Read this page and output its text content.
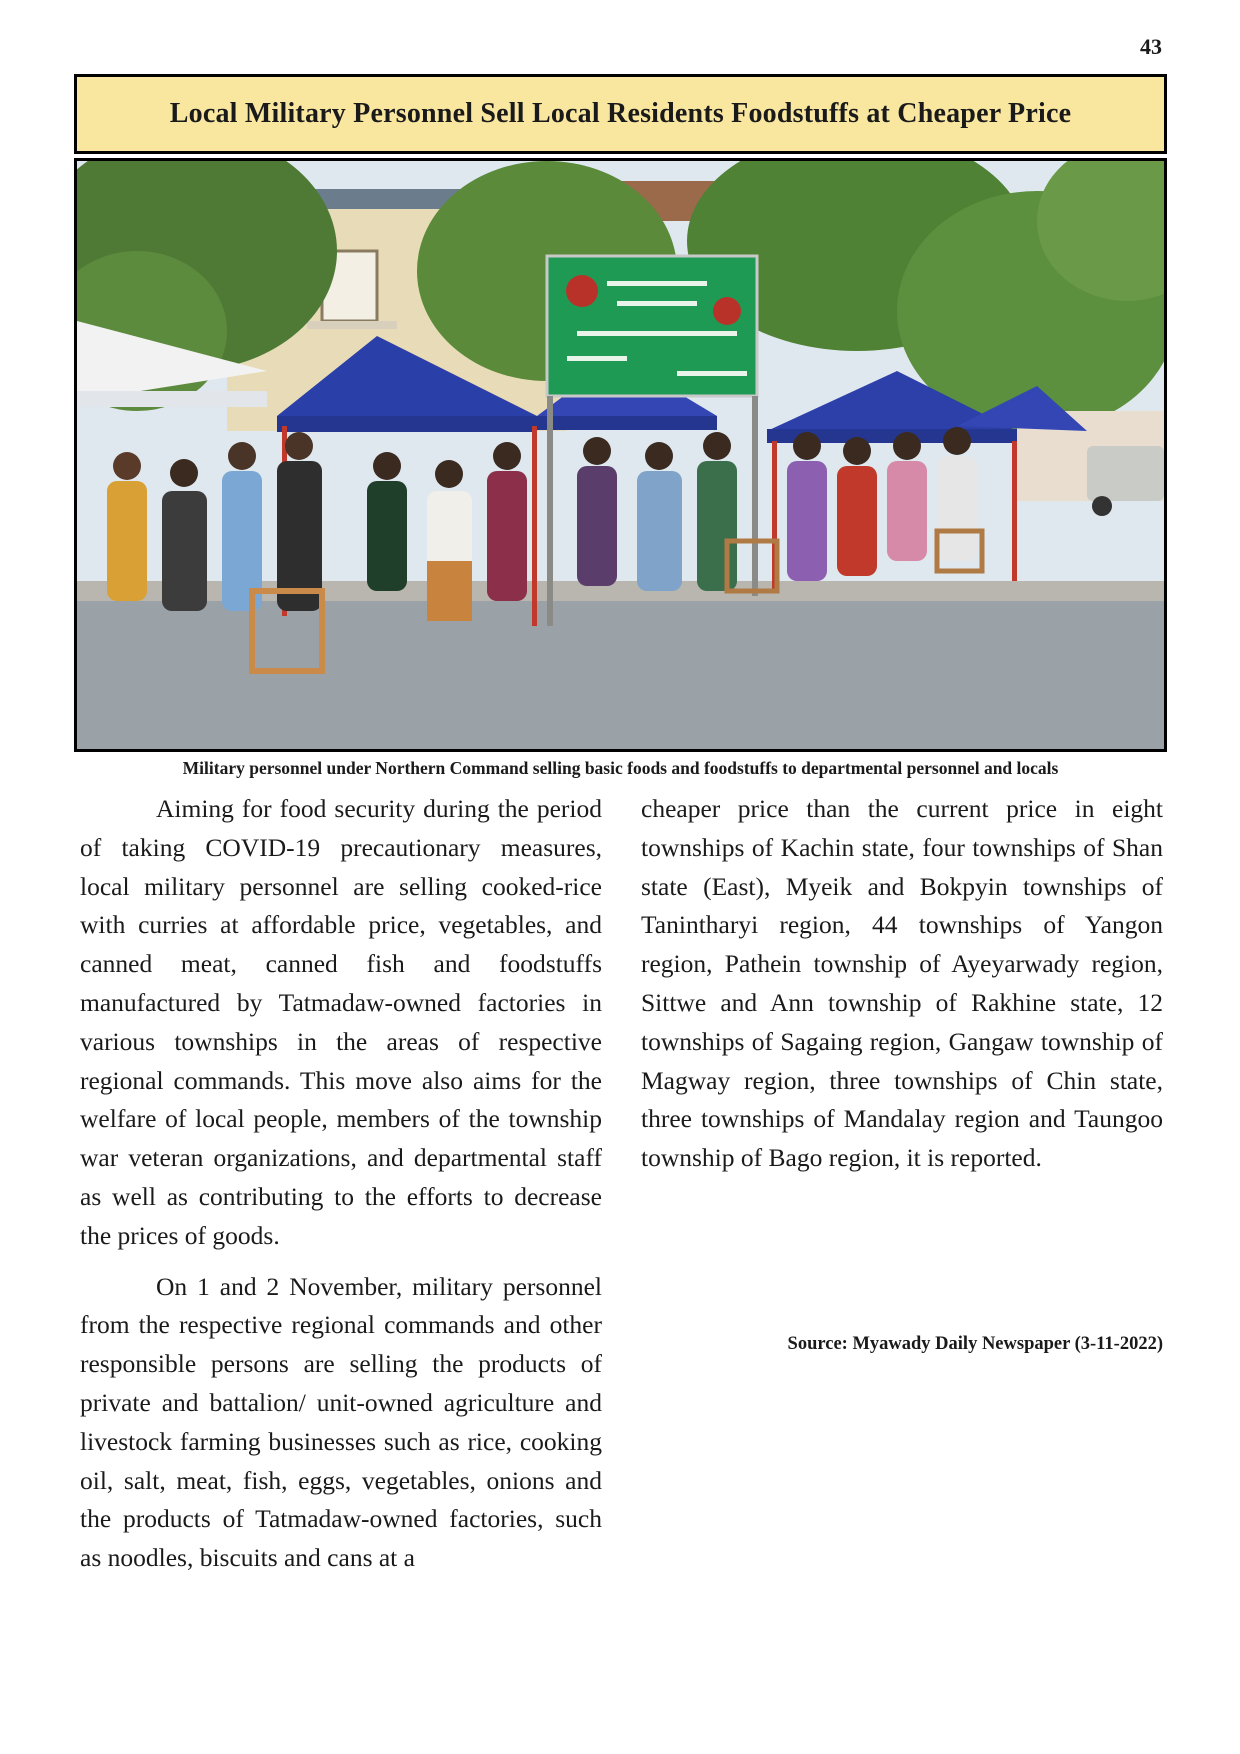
43
Local Military Personnel Sell Local Residents Foodstuffs at Cheaper Price
Military personnel under Northern Command selling basic foods and foodstuffs to departmental personnel and locals

Aiming for food security during the period of taking COVID-19 precautionary measures, local military personnel are selling cooked-rice with curries at affordable price, vegetables, and canned meat, canned fish and foodstuffs manufactured by Tatmadaw-owned factories in various townships in the areas of respective regional commands. This move also aims for the welfare of local people, members of the township war veteran organizations, and departmental staff as well as contributing to the efforts to decrease the prices of goods.

On 1 and 2 November, military personnel from the respective regional commands and other responsible persons are selling the products of private and battalion/ unit-owned agriculture and livestock farming businesses such as rice, cooking oil, salt, meat, fish, eggs, vegetables, onions and the products of Tatmadaw-owned factories, such as noodles, biscuits and cans at a

cheaper price than the current price in eight townships of Kachin state, four townships of Shan state (East), Myeik and Bokpyin townships of Tanintharyi region, 44 townships of Yangon region, Pathein township of Ayeyarwady region, Sittwe and Ann township of Rakhine state, 12 townships of Sagaing region, Gangaw township of Magway region, three townships of Chin state, three townships of Mandalay region and Taungoo township of Bago region, it is reported.

Source: Myawady Daily Newspaper (3-11-2022)
